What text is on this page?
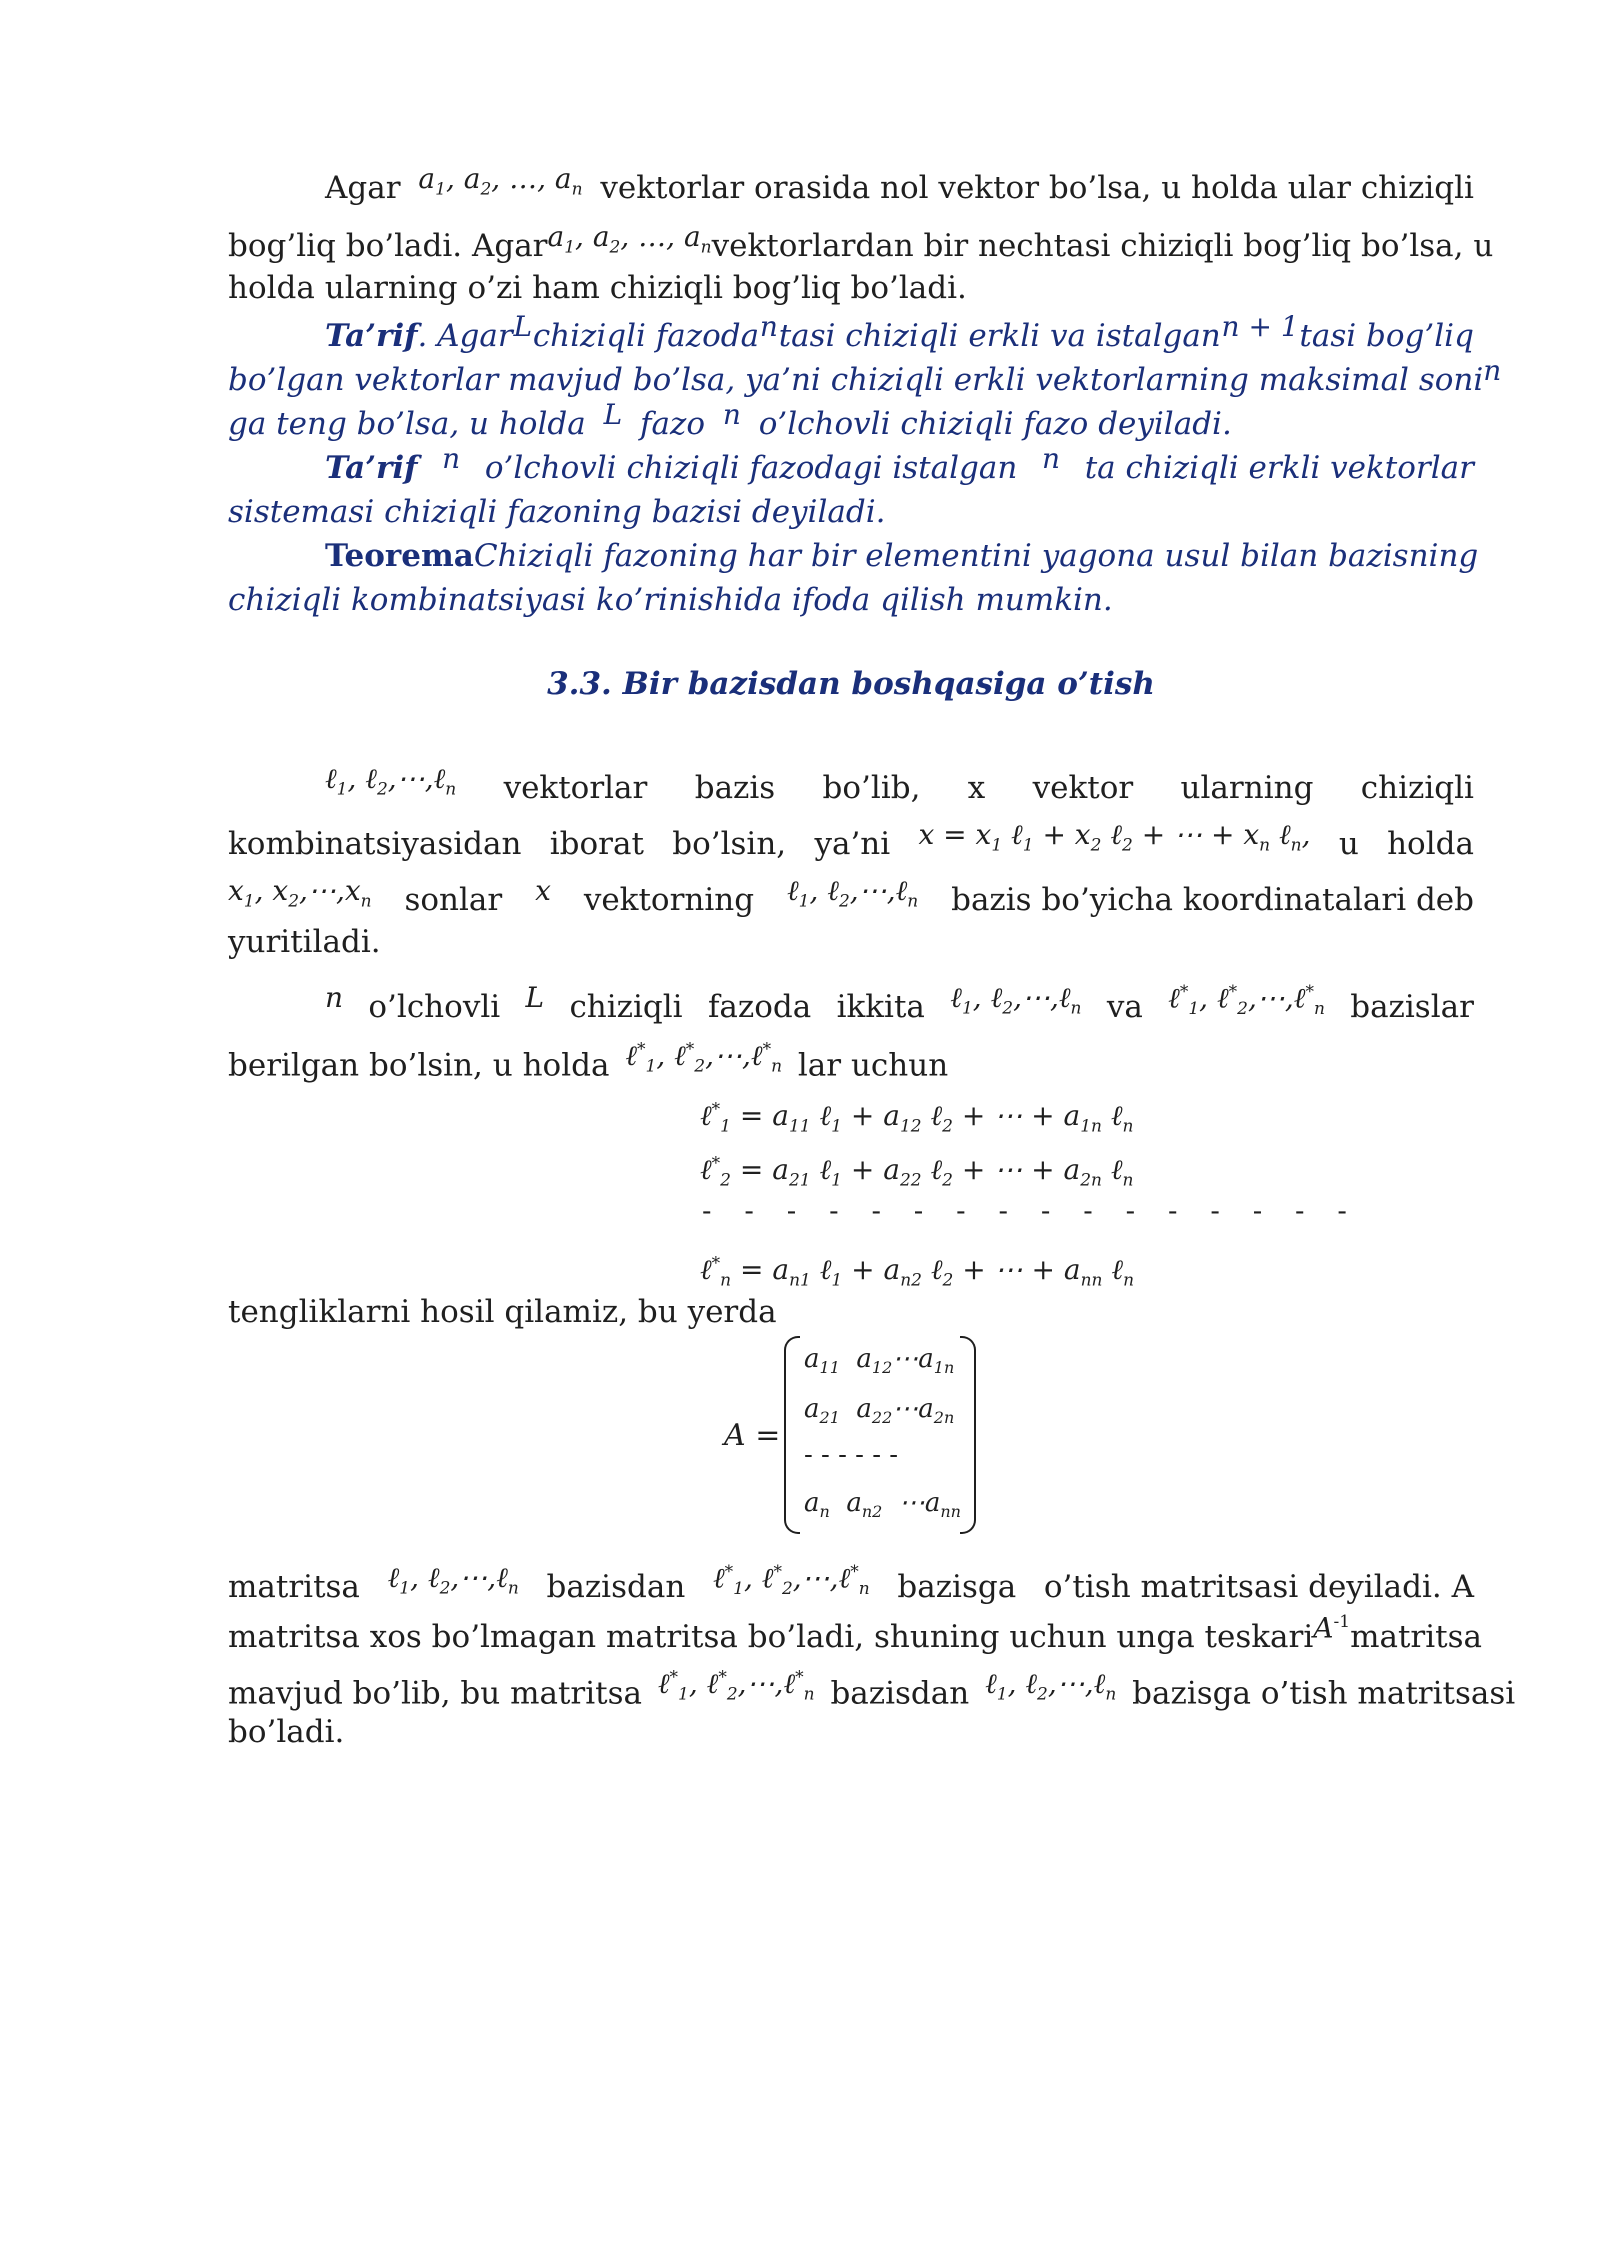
Agar $a_1$, $a_2$, …, $a_n$ vektorlar orasida nol vektor bo’lsa, u holda ular chiziqli
bog’liq bo’ladi. Agar $a_1$, $a_2$, …, $a_n$ vektorlardan bir nechtasi chiziqli bog’liq bo’lsa, u
holda ularning o’zi ham chiziqli bog’liq bo’ladi.
Ta’rif. Agar L chiziqli fazoda n tasi chiziqli erkli va istalgan n + 1 tasi bog’liq
bo’lgan vektorlar mavjud bo’lsa, ya’ni chiziqli erkli vektorlarning maksimal soni n
ga teng bo’lsa, u holda L fazo n o’lchovli chiziqli fazo deyiladi.
Ta’rif n o’lchovli chiziqli fazodagi istalgan n ta chiziqli erkli vektorlar
sistemasi chiziqli fazoning bazisi deyiladi.
Teorema Chiziqli fazoning har bir elementini yagona usul bilan bazisning
chiziqli kombinatsiyasi ko’rinishida ifoda qilish mumkin.
3.3. Bir bazisdan boshqasiga o’tish
ℓ$_1$, ℓ$_2$,⋯,ℓ$_n$ vektorlar bazis bo’lib, x vektor ularning chiziqli
kombinatsiyasidan iborat bo’lsin, ya’ni $x = x_1$ ℓ$_1$ + $x_2$ ℓ$_2$ + ⋯ + $x_n$ ℓ$_n$, u holda
$x_1$, $x_2,\cdots,x_n$ sonlar x vektorning ℓ$_1$, ℓ$_2$,⋯,ℓ$_n$ bazis bo’yicha koordinatalari deb
yuritiladi.
n o’lchovli L chiziqli fazoda ikkita ℓ$_1$, ℓ$_2$,⋯,ℓ$_n$ va ℓ*$_1$, ℓ*$_2$,⋯,ℓ*$_n$ bazislar
berilgan bo’lsin, u holda ℓ*$_1$, ℓ*$_2$,⋯,ℓ*$_n$ lar uchun
ℓ*$_1$ = $a_{11}$ ℓ$_1$ + $a_{12}$ ℓ$_2$ + ⋯ + $a_{1n}$ ℓ$_n$
ℓ*$_2$ = $a_{21}$ ℓ$_1$ + $a_{22}$ ℓ$_2$ + ⋯ + $a_{2n}$ ℓ$_n$
- - - - - - - - - - - - - - - -
ℓ*$_n$ = $a_{n1}$ ℓ$_1$ + $a_{n2}$ ℓ$_2$ + ⋯ + $a_{nn}$ ℓ$_n$
tengliklarni hosil qilamiz, bu yerda
A =
$a_{11}$  $a_{12}\cdots a_{1n}$
$a_{21}$  $a_{22}\cdots a_{2n}$
- - - - - -
$a_n$  $a_{n2}$  $\cdots a_{nn}$
matritsa ℓ$_1$, ℓ$_2$,⋯,ℓ$_n$ bazisdan ℓ*$_1$, ℓ*$_2$,⋯,ℓ*$_n$ bazisga o’tish matritsasi deyiladi. A
matritsa xos bo’lmagan matritsa bo’ladi, shuning uchun unga teskari $A^{-1}$ matritsa
mavjud bo’lib, bu matritsa ℓ*$_1$, ℓ*$_2$,⋯,ℓ*$_n$ bazisdan ℓ$_1$, ℓ$_2$,⋯,ℓ$_n$ bazisga o’tish matritsasi
bo’ladi.
